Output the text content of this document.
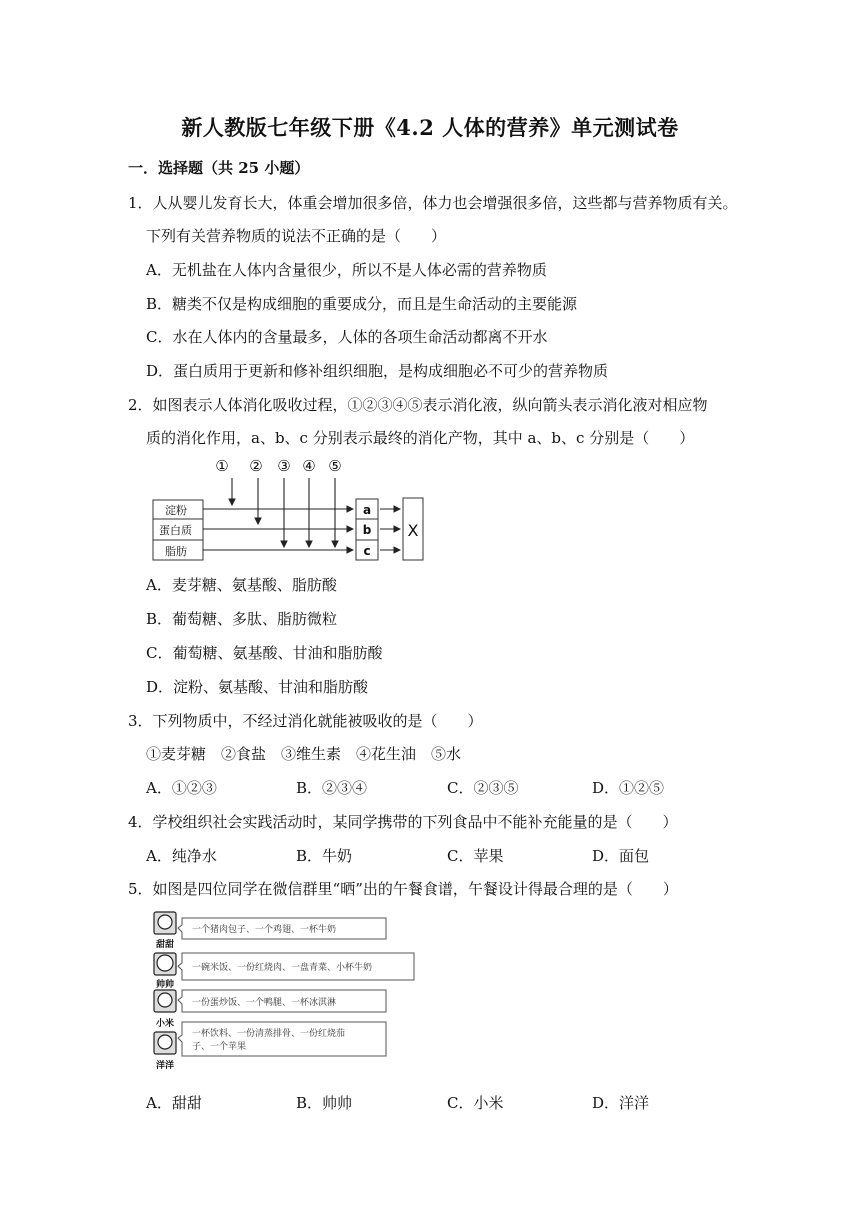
新人教版七年级下册《4.2 人体的营养》单元测试卷
一．选择题（共 25 小题）
1．人从婴儿发育长大，体重会增加很多倍，体力也会增强很多倍，这些都与营养物质有关。
下列有关营养物质的说法不正确的是（　　）
A．无机盐在人体内含量很少，所以不是人体必需的营养物质
B．糖类不仅是构成细胞的重要成分，而且是生命活动的主要能源
C．水在人体内的含量最多，人体的各项生命活动都离不开水
D．蛋白质用于更新和修补组织细胞，是构成细胞必不可少的营养物质
2．如图表示人体消化吸收过程，①②③④⑤表示消化液，纵向箭头表示消化液对相应物
质的消化作用，a、b、c 分别表示最终的消化产物，其中 a、b、c 分别是（　　）
① ② ③ ④ ⑤
淀粉
蛋白质
脂肪
a
b
c
X
A．麦芽糖、氨基酸、脂肪酸
B．葡萄糖、多肽、脂肪微粒
C．葡萄糖、氨基酸、甘油和脂肪酸
D．淀粉、氨基酸、甘油和脂肪酸
3．下列物质中，不经过消化就能被吸收的是（　　）
①麦芽糖　②食盐　③维生素　④花生油　⑤水
A．①②③	B．②③④	C．②③⑤	D．①②⑤
4．学校组织社会实践活动时，某同学携带的下列食品中不能补充能量的是（　　）
A．纯净水	B．牛奶	C．苹果	D．面包
5．如图是四位同学在微信群里“晒”出的午餐食谱，午餐设计得最合理的是（　　）
甜甜
帅帅
小米
洋洋
一个猪肉包子、一个鸡翅、一杯牛奶
一碗米饭、一份红烧肉、一盘青菜、小杯牛奶
一份蛋炒饭、一个鸭腿、一杯冰淇淋
一杯饮料、一份清蒸排骨、一份红烧茄
子、一个苹果
A．甜甜	B．帅帅	C．小米	D．洋洋
